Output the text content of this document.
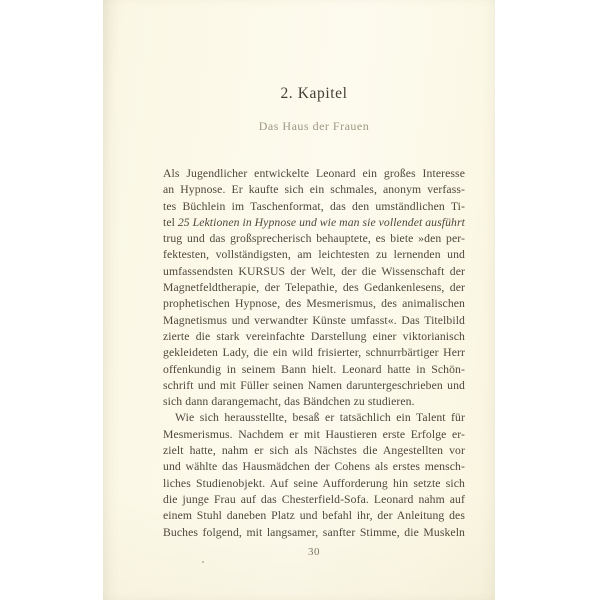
2. Kapitel
Das Haus der Frauen
Als Jugendlicher entwickelte Leonard ein großes Interesse
an Hypnose. Er kaufte sich ein schmales, anonym verfass-
tes Büchlein im Taschenformat, das den umständlichen Ti-
tel 25 Lektionen in Hypnose und wie man sie vollendet ausführt
trug und das großsprecherisch behauptete, es biete »den per-
fektesten, vollständigsten, am leichtesten zu lernenden und
umfassendsten KURSUS der Welt, der die Wissenschaft der
Magnetfeldtherapie, der Telepathie, des Gedankenlesens, der
prophetischen Hypnose, des Mesmerismus, des animalischen
Magnetismus und verwandter Künste umfasst«. Das Titelbild
zierte die stark vereinfachte Darstellung einer viktorianisch
gekleideten Lady, die ein wild frisierter, schnurrbärtiger Herr
offenkundig in seinem Bann hielt. Leonard hatte in Schön-
schrift und mit Füller seinen Namen daruntergeschrieben und
sich dann darangemacht, das Bändchen zu studieren.
Wie sich herausstellte, besaß er tatsächlich ein Talent für
Mesmerismus. Nachdem er mit Haustieren erste Erfolge er-
zielt hatte, nahm er sich als Nächstes die Angestellten vor
und wählte das Hausmädchen der Cohens als erstes mensch-
liches Studienobjekt. Auf seine Aufforderung hin setzte sich
die junge Frau auf das Chesterfield-Sofa. Leonard nahm auf
einem Stuhl daneben Platz und befahl ihr, der Anleitung des
Buches folgend, mit langsamer, sanfter Stimme, die Muskeln
30
